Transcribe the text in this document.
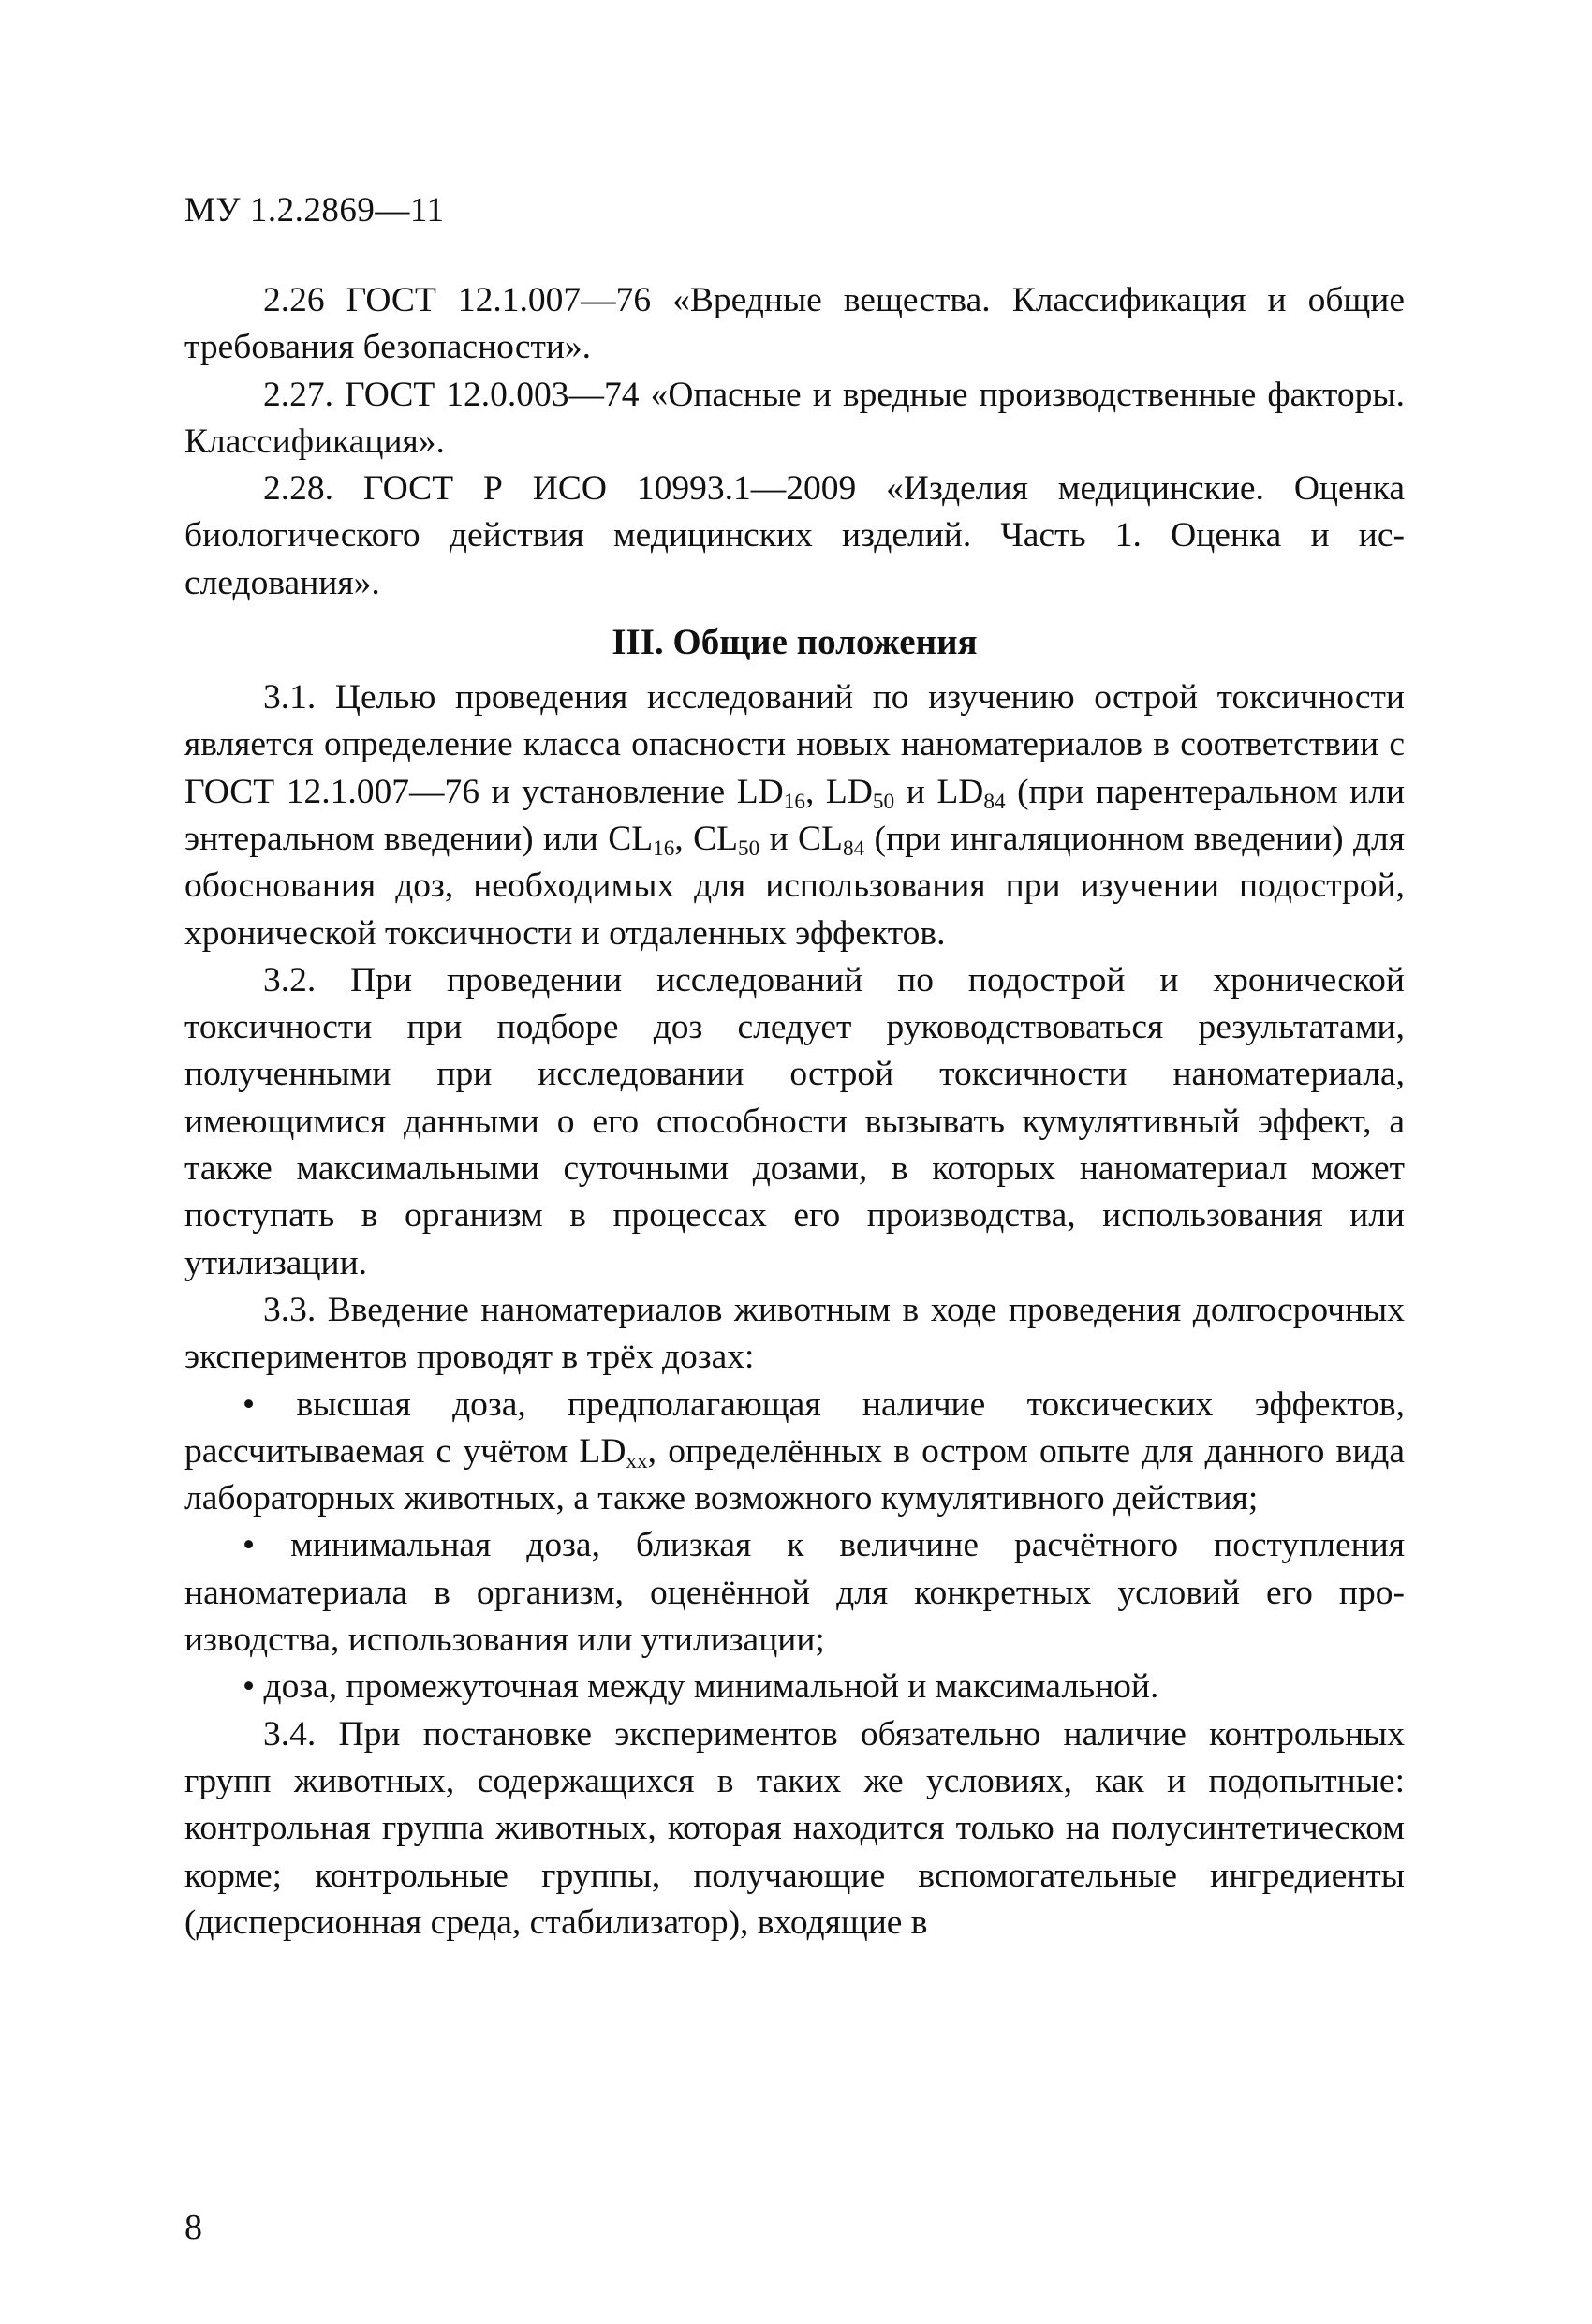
МУ 1.2.2869—11

2.26 ГОСТ 12.1.007—76 «Вредные вещества. Классификация и общие требования безопасности».

2.27. ГОСТ 12.0.003—74 «Опасные и вредные производственные факторы. Классификация».

2.28. ГОСТ Р ИСО 10993.1—2009 «Изделия медицинские. Оценка биологического действия медицинских изделий. Часть 1. Оценка и исследования».

III. Общие положения

3.1. Целью проведения исследований по изучению острой токсичности является определение класса опасности новых наноматериалов в соответствии с ГОСТ 12.1.007—76 и установление $LD_{16}$, $LD_{50}$ и $LD_{84}$ (при парентеральном или энтеральном введении) или $CL_{16}$, $CL_{50}$ и $CL_{84}$ (при ингаляционном введении) для обоснования доз, необходимых для использования при изучении подострой, хронической токсичности и отдаленных эффектов.

3.2. При проведении исследований по подострой и хронической токсичности при подборе доз следует руководствоваться результатами, полученными при исследовании острой токсичности наноматериала, имеющимися данными о его способности вызывать кумулятивный эффект, а также максимальными суточными дозами, в которых наноматериал может поступать в организм в процессах его производства, использования или утилизации.

3.3. Введение наноматериалов животным в ходе проведения долгосрочных экспериментов проводят в трёх дозах:

• высшая доза, предполагающая наличие токсических эффектов, рассчитываемая с учётом $LD_{xx}$, определённых в остром опыте для данного вида лабораторных животных, а также возможного кумулятивного действия;

• минимальная доза, близкая к величине расчётного поступления наноматериала в организм, оценённой для конкретных условий его производства, использования или утилизации;

• доза, промежуточная между минимальной и максимальной.

3.4. При постановке экспериментов обязательно наличие контрольных групп животных, содержащихся в таких же условиях, как и подопытные: контрольная группа животных, которая находится только на полусинтетическом корме; контрольные группы, получающие вспомогательные ингредиенты (дисперсионная среда, стабилизатор), входящие в

8
